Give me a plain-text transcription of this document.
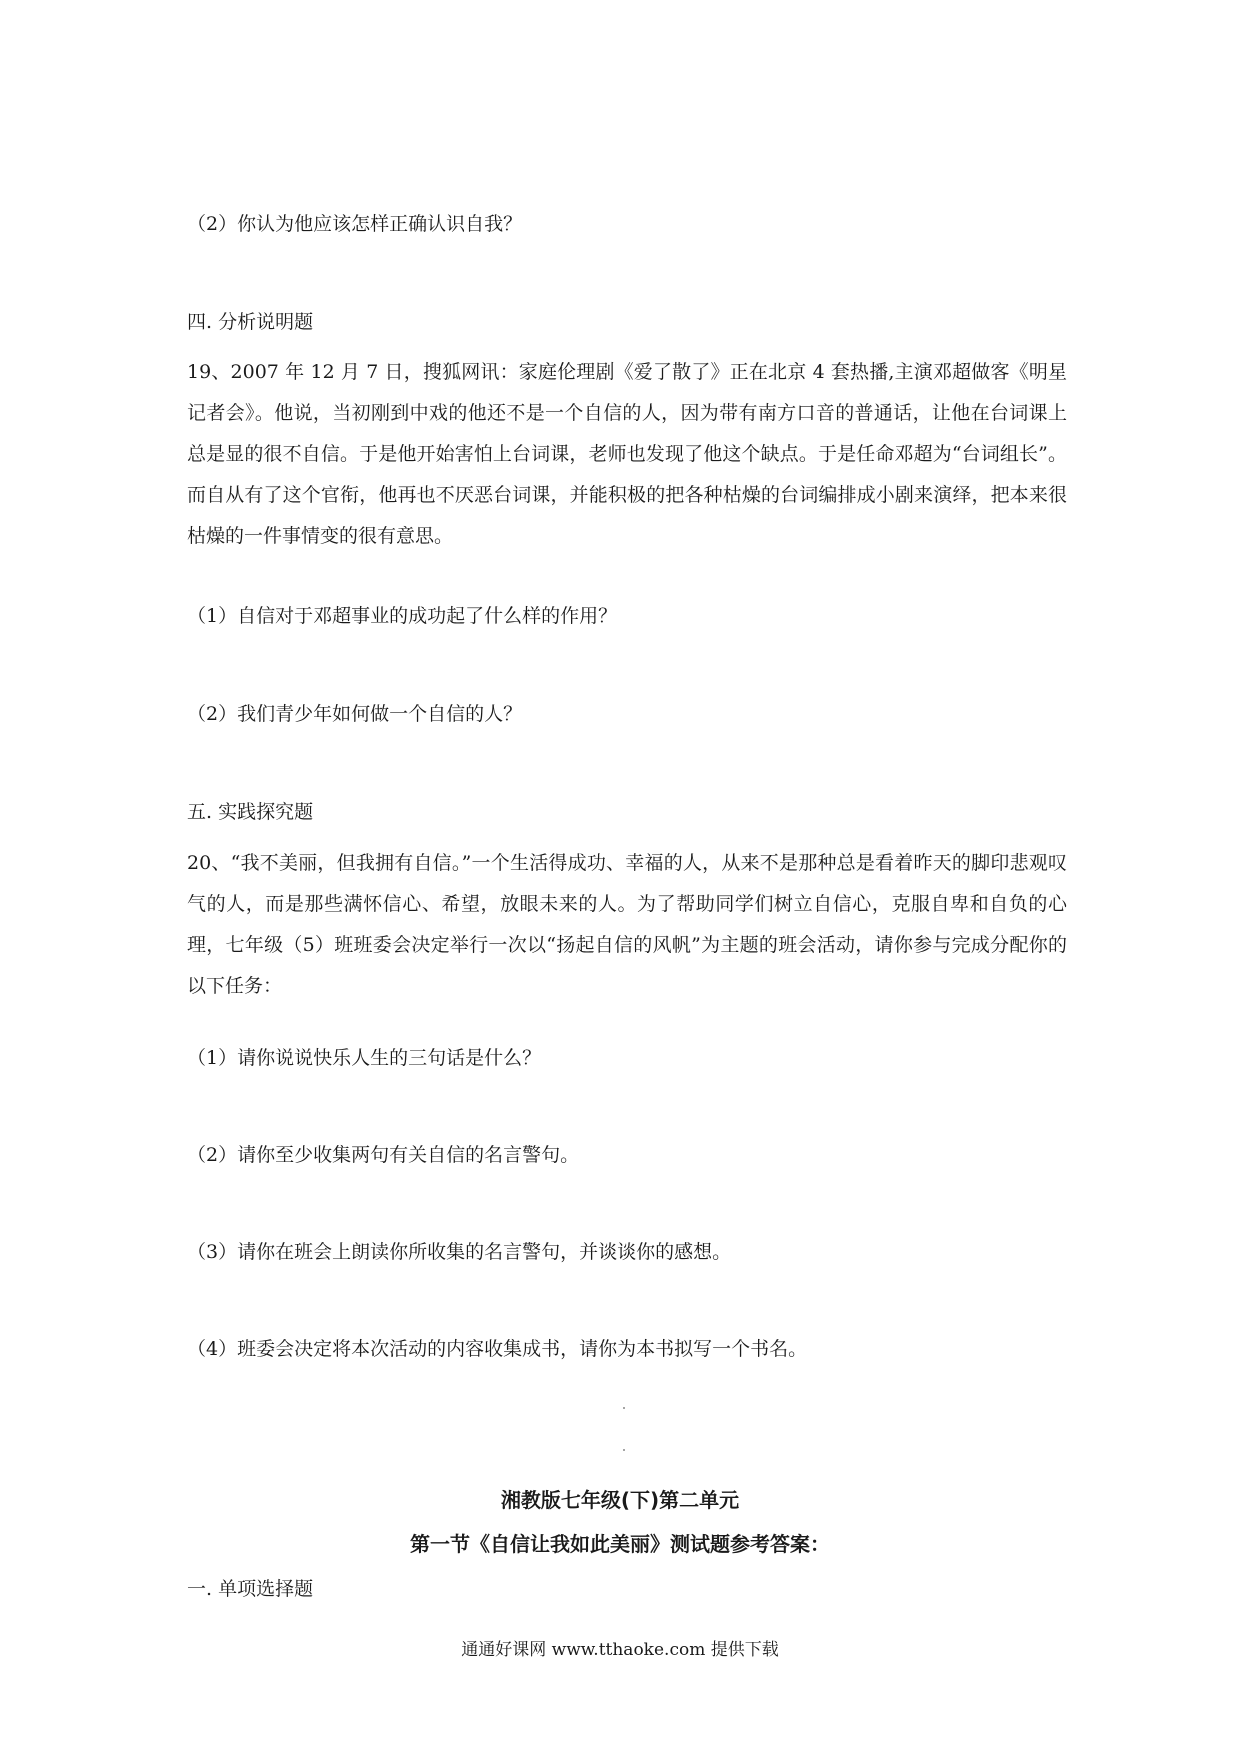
（2）你认为他应该怎样正确认识自我？
四. 分析说明题
19、2007 年 12 月 7 日，搜狐网讯：家庭伦理剧《爱了散了》正在北京 4 套热播,主演邓超做客《明星记者会》。他说，当初刚到中戏的他还不是一个自信的人，因为带有南方口音的普通话，让他在台词课上总是显的很不自信。于是他开始害怕上台词课，老师也发现了他这个缺点。于是任命邓超为“台词组长”。而自从有了这个官衔，他再也不厌恶台词课，并能积极的把各种枯燥的台词编排成小剧来演绎，把本来很枯燥的一件事情变的很有意思。
（1）自信对于邓超事业的成功起了什么样的作用？
（2）我们青少年如何做一个自信的人？
五. 实践探究题
20、“我不美丽，但我拥有自信。”一个生活得成功、幸福的人，从来不是那种总是看着昨天的脚印悲观叹气的人，而是那些满怀信心、希望，放眼未来的人。为了帮助同学们树立自信心，克服自卑和自负的心理，七年级（5）班班委会决定举行一次以“扬起自信的风帆”为主题的班会活动，请你参与完成分配你的以下任务：
（1）请你说说快乐人生的三句话是什么？
（2）请你至少收集两句有关自信的名言警句。
（3）请你在班会上朗读你所收集的名言警句，并谈谈你的感想。
（4）班委会决定将本次活动的内容收集成书，请你为本书拟写一个书名。
湘教版七年级(下)第二单元
第一节《自信让我如此美丽》测试题参考答案：
一. 单项选择题
通通好课网 www.tthaoke.com 提供下载
